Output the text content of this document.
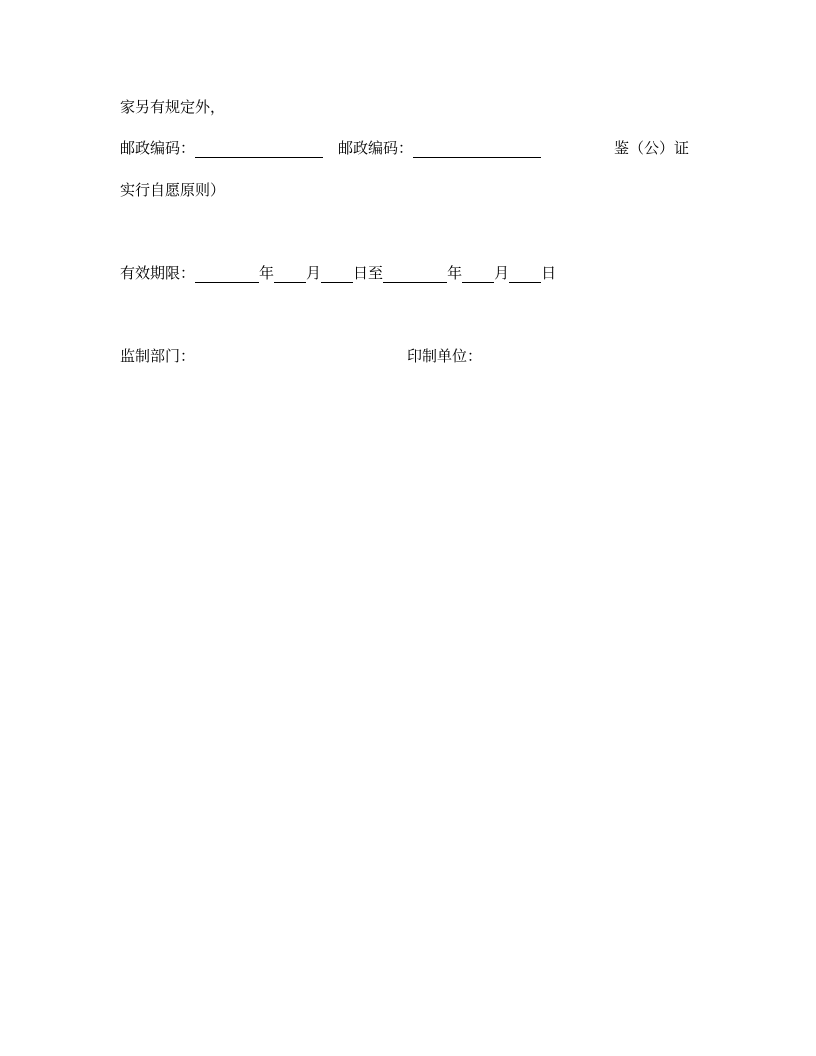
家另有规定外，
邮政编码：	邮政编码：	鉴（公）证
实行自愿原则）
有效期限：	年 月 日至	年 月 日
监制部门：	印制单位：
